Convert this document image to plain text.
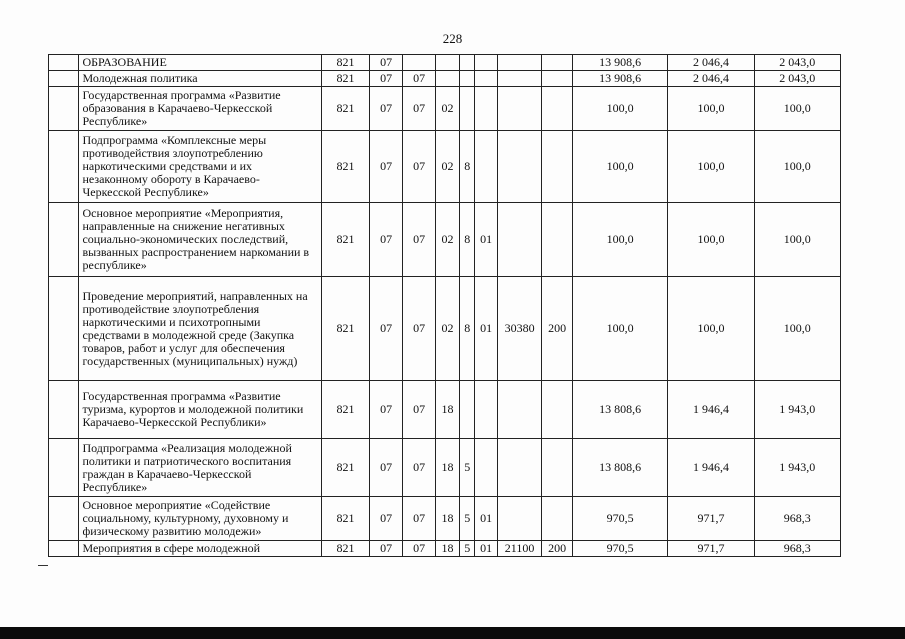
228
	ОБРАЗОВАНИЕ	821	07							13 908,6	2 046,4	2 043,0
	Молодежная политика	821	07	07						13 908,6	2 046,4	2 043,0
	Государственная программа «Развитие образования в Карачаево-Черкесской Республике»	821	07	07	02					100,0	100,0	100,0
	Подпрограмма «Комплексные меры противодействия злоупотреблению наркотическими средствами и их незаконному обороту в Карачаево-Черкесской Республике»	821	07	07	02	8				100,0	100,0	100,0
	Основное мероприятие «Мероприятия, направленные на снижение негативных социально-экономических последствий, вызванных распространением наркомании в республике»	821	07	07	02	8	01			100,0	100,0	100,0
	Проведение мероприятий, направленных на противодействие злоупотребления наркотическими и психотропными средствами в молодежной среде (Закупка товаров, работ и услуг для обеспечения государственных (муниципальных) нужд)	821	07	07	02	8	01	30380	200	100,0	100,0	100,0
	Государственная программа «Развитие туризма, курортов и молодежной политики Карачаево-Черкесской Республики»	821	07	07	18					13 808,6	1 946,4	1 943,0
	Подпрограмма «Реализация молодежной политики и патриотического воспитания граждан в Карачаево-Черкесской Республике»	821	07	07	18	5				13 808,6	1 946,4	1 943,0
	Основное мероприятие «Содействие социальному, культурному, духовному и физическому развитию молодежи»	821	07	07	18	5	01			970,5	971,7	968,3
	Мероприятия в сфере молодежной	821	07	07	18	5	01	21100	200	970,5	971,7	968,3
